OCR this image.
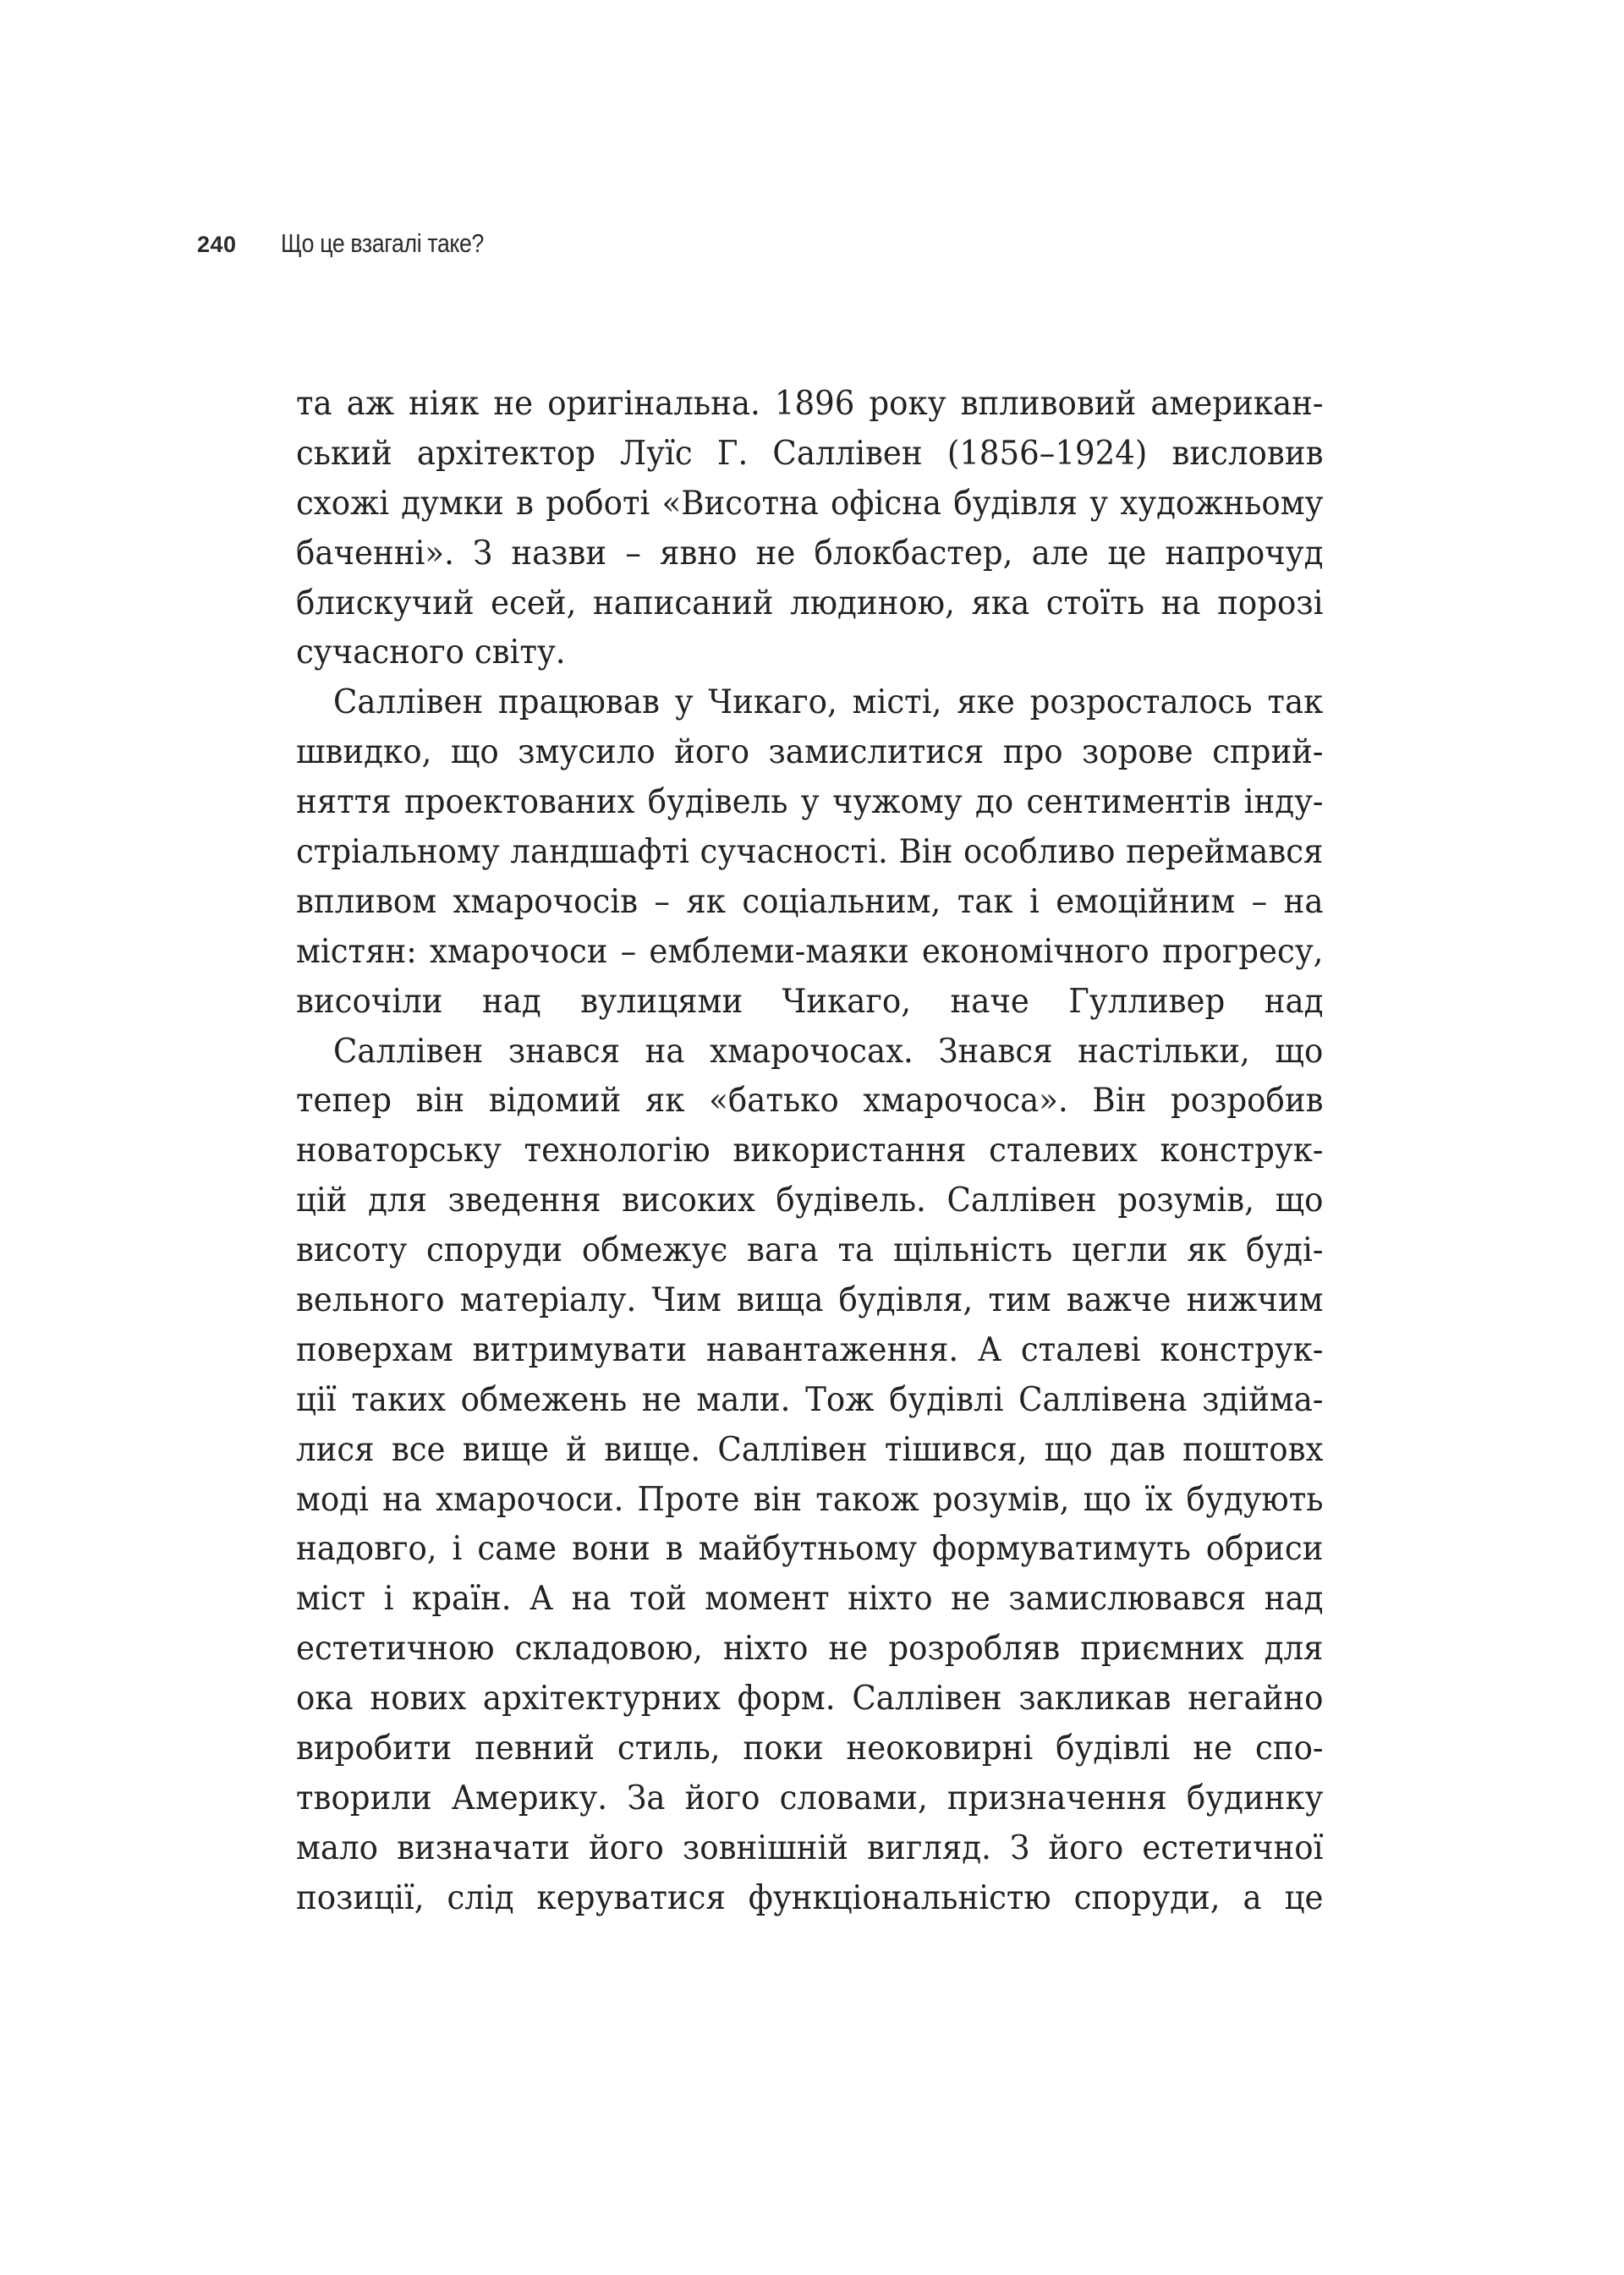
240 Що це взагалі таке?
та аж ніяк не оригінальна. 1896 року впливовий американ-
ський архітектор Луїс Г. Саллівен (1856–1924) висловив
схожі думки в роботі «Висотна офісна будівля у художньому
баченні». З назви – явно не блокбастер, але це напрочуд
блискучий есей, написаний людиною, яка стоїть на порозі
сучасного світу.
Саллівен працював у Чикаго, місті, яке розросталось так
швидко, що змусило його замислитися про зорове сприй-
няття проектованих будівель у чужому до сентиментів інду-
стріальному ландшафті сучасності. Він особливо переймався
впливом хмарочосів – як соціальним, так і емоційним – на
містян: хмарочоси – емблеми-маяки економічного прогресу,
височіли над вулицями Чикаго, наче Гулливер над
Саллівен знався на хмарочосах. Знався настільки, що
тепер він відомий як «батько хмарочоса». Він розробив
новаторську технологію використання сталевих конструк-
цій для зведення високих будівель. Саллівен розумів, що
висоту споруди обмежує вага та щільність цегли як буді-
вельного матеріалу. Чим вища будівля, тим важче нижчим
поверхам витримувати навантаження. А сталеві конструк-
ції таких обмежень не мали. Тож будівлі Саллівена здійма-
лися все вище й вище. Саллівен тішився, що дав поштовх
моді на хмарочоси. Проте він також розумів, що їх будують
надовго, і саме вони в майбутньому формуватимуть обриси
міст і країн. А на той момент ніхто не замислювався над
естетичною складовою, ніхто не розробляв приємних для
ока нових архітектурних форм. Саллівен закликав негайно
виробити певний стиль, поки неоковирні будівлі не спо-
творили Америку. За його словами, призначення будинку
мало визначати його зовнішній вигляд. З його естетичної
позиції, слід керуватися функціональністю споруди, а це
